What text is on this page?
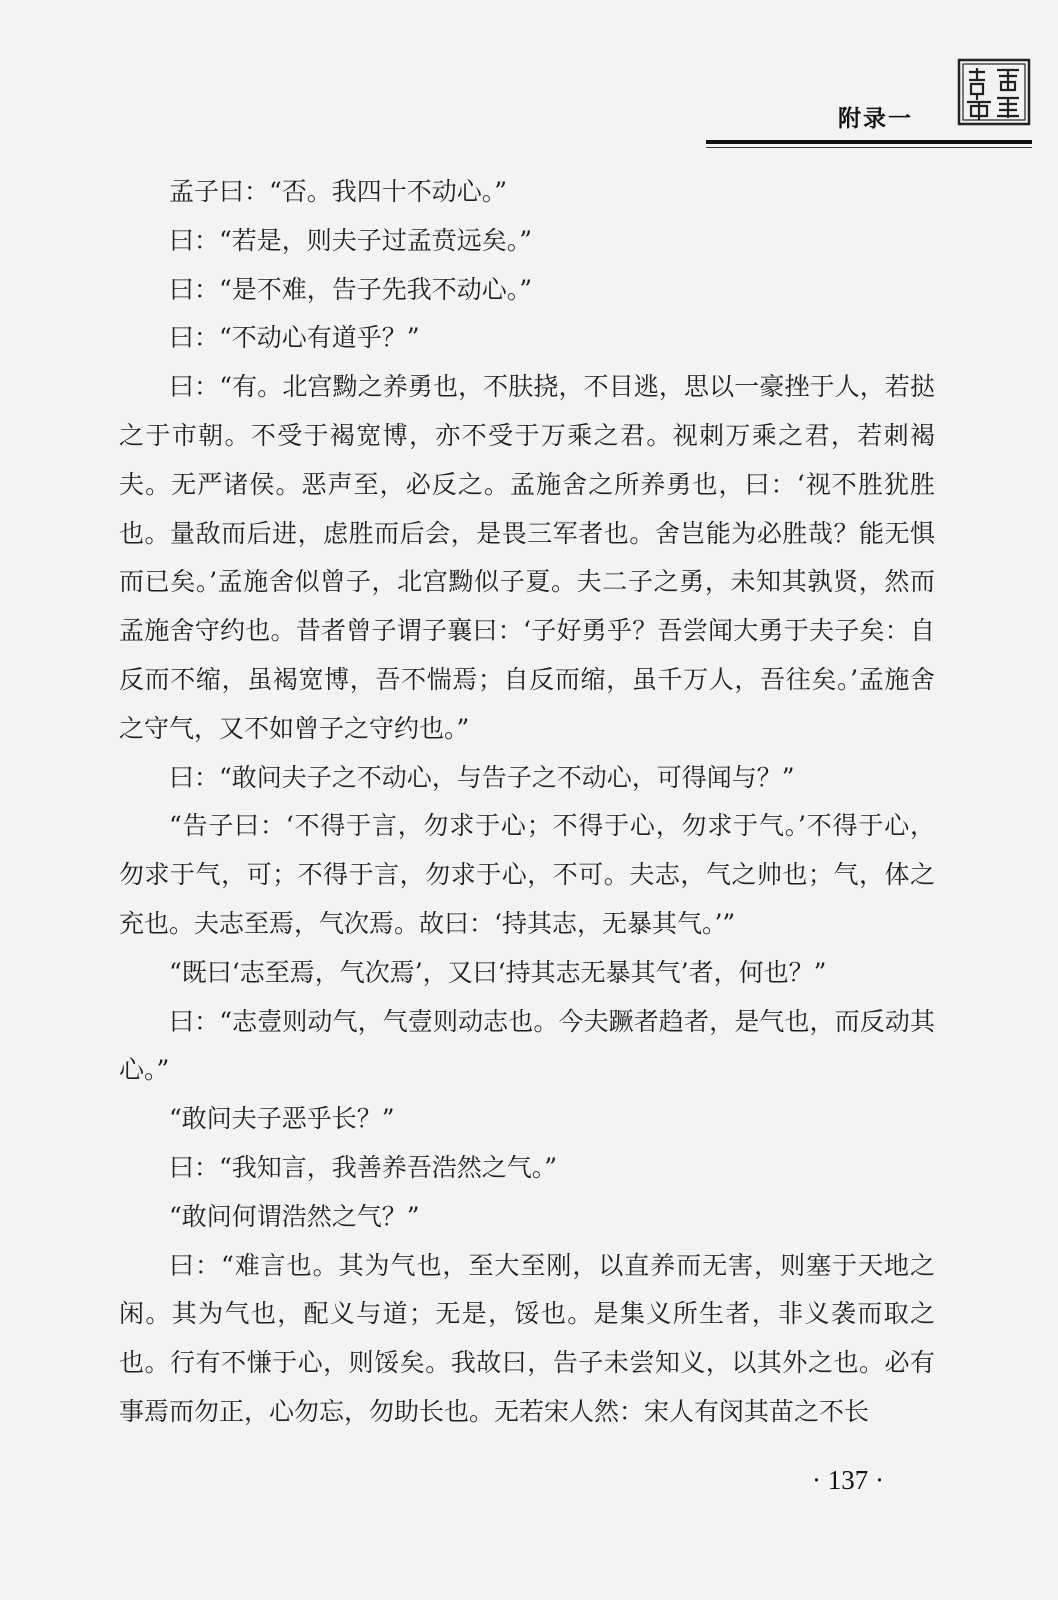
附录一

孟子曰：“否。我四十不动心。”

曰：“若是，则夫子过孟贲远矣。”

曰：“是不难，告子先我不动心。”

曰：“不动心有道乎？”

曰：“有。北宫黝之养勇也，不肤挠，不目逃，思以一豪挫于人，若挞之于市朝。不受于褐宽博，亦不受于万乘之君。视刺万乘之君，若刺褐夫。无严诸侯。恶声至，必反之。孟施舍之所养勇也，曰：‘视不胜犹胜也。量敌而后进，虑胜而后会，是畏三军者也。舍岂能为必胜哉？能无惧而已矣。’孟施舍似曾子，北宫黝似子夏。夫二子之勇，未知其孰贤，然而孟施舍守约也。昔者曾子谓子襄曰：‘子好勇乎？吾尝闻大勇于夫子矣：自反而不缩，虽褐宽博，吾不惴焉；自反而缩，虽千万人，吾往矣。’孟施舍之守气，又不如曾子之守约也。”

曰：“敢问夫子之不动心，与告子之不动心，可得闻与？”

“告子曰：‘不得于言，勿求于心；不得于心，勿求于气。’不得于心，勿求于气，可；不得于言，勿求于心，不可。夫志，气之帅也；气，体之充也。夫志至焉，气次焉。故曰：‘持其志，无暴其气。’”

“既曰‘志至焉，气次焉’，又曰‘持其志无暴其气’者，何也？”

曰：“志壹则动气，气壹则动志也。今夫蹶者趋者，是气也，而反动其心。”

“敢问夫子恶乎长？”

曰：“我知言，我善养吾浩然之气。”

“敢问何谓浩然之气？”

曰：“难言也。其为气也，至大至刚，以直养而无害，则塞于天地之闲。其为气也，配义与道；无是，馁也。是集义所生者，非义袭而取之也。行有不慊于心，则馁矣。我故曰，告子未尝知义，以其外之也。必有事焉而勿正，心勿忘，勿助长也。无若宋人然：宋人有闵其苗之不长

· 137 ·
